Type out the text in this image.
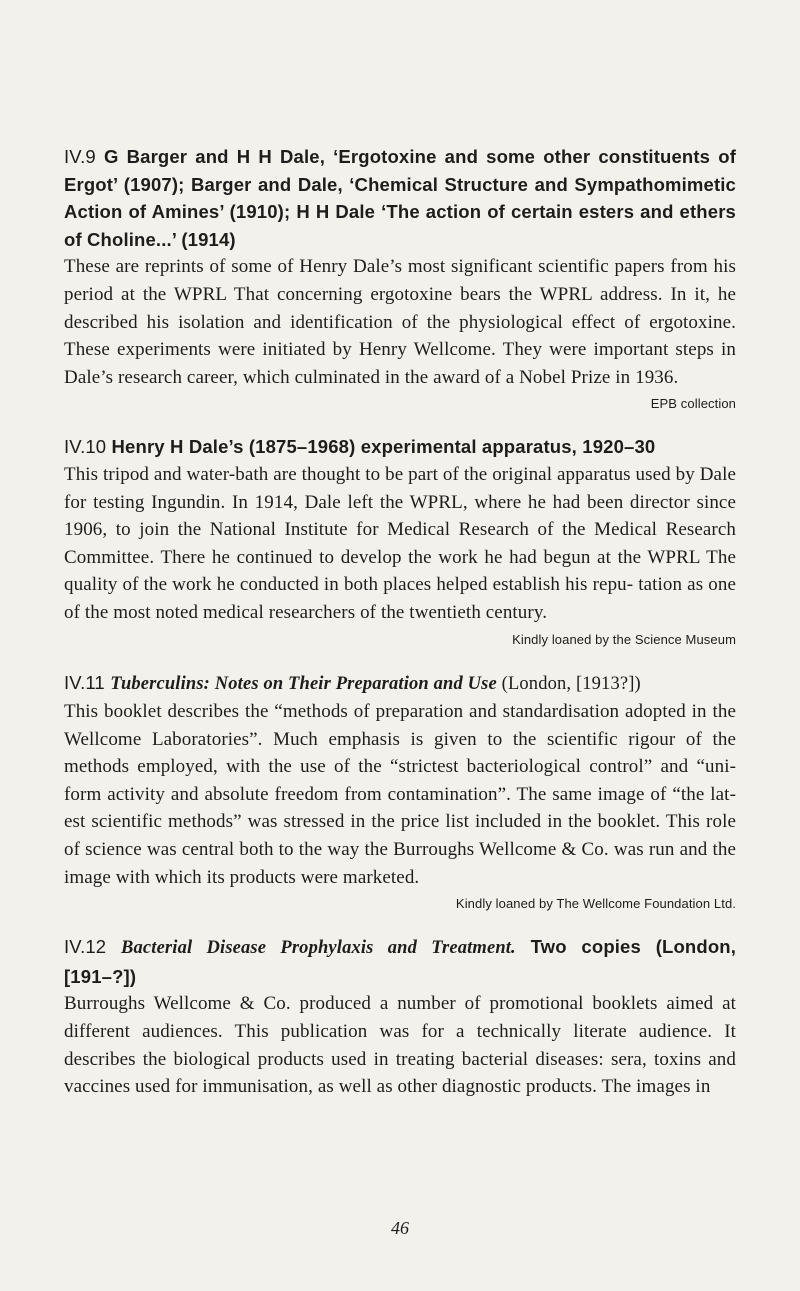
IV.9 G Barger and H H Dale, ‘Ergotoxine and some other constituents of Ergot’ (1907); Barger and Dale, ‘Chemical Structure and Sympathomimetic Action of Amines’ (1910); H H Dale ‘The action of certain esters and ethers of Choline...’ (1914)
These are reprints of some of Henry Dale’s most significant scientific papers from his period at the WPRL That concerning ergotoxine bears the WPRL address. In it, he described his isolation and identification of the physiological effect of ergotoxine. These experiments were initiated by Henry Wellcome. They were important steps in Dale’s research career, which culminated in the award of a Nobel Prize in 1936.
EPB collection
IV.10 Henry H Dale’s (1875–1968) experimental apparatus, 1920–30
This tripod and water-bath are thought to be part of the original apparatus used by Dale for testing Ingundin. In 1914, Dale left the WPRL, where he had been director since 1906, to join the National Institute for Medical Research of the Medical Research Committee. There he continued to develop the work he had begun at the WPRL The quality of the work he conducted in both places helped establish his repu- tation as one of the most noted medical researchers of the twentieth century.
Kindly loaned by the Science Museum
IV.11 Tuberculins: Notes on Their Preparation and Use (London, [1913?])
This booklet describes the “methods of preparation and standardisation adopted in the Wellcome Laboratories”. Much emphasis is given to the scientific rigour of the methods employed, with the use of the “strictest bacteriological control” and “uni- form activity and absolute freedom from contamination”. The same image of “the lat- est scientific methods” was stressed in the price list included in the booklet. This role of science was central both to the way the Burroughs Wellcome & Co. was run and the image with which its products were marketed.
Kindly loaned by The Wellcome Foundation Ltd.
IV.12 Bacterial Disease Prophylaxis and Treatment. Two copies (London, [191–?])
Burroughs Wellcome & Co. produced a number of promotional booklets aimed at different audiences. This publication was for a technically literate audience. It describes the biological products used in treating bacterial diseases: sera, toxins and vaccines used for immunisation, as well as other diagnostic products. The images in
46
